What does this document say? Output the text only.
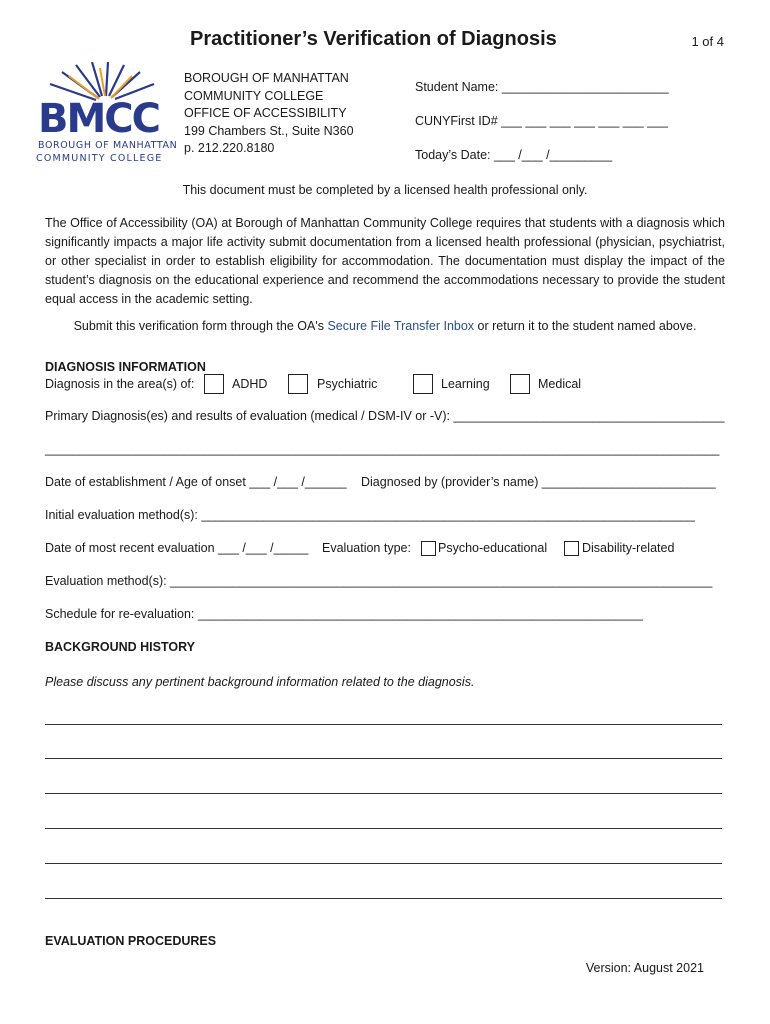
Practitioner’s Verification of Diagnosis	1 of 4
BMCC
BOROUGH OF MANHATTAN
COMMUNITY COLLEGE
BOROUGH OF MANHATTAN
COMMUNITY COLLEGE
OFFICE OF ACCESSIBILITY
199 Chambers St., Suite N360
p. 212.220.8180
Student Name: ________________________
CUNYFirst ID# ___ ___ ___ ___ ___ ___ ___
Today’s Date: ___ /___ /_________
This document must be completed by a licensed health professional only.
The Office of Accessibility (OA) at Borough of Manhattan Community College requires that students with a diagnosis which significantly impacts a major life activity submit documentation from a licensed health professional (physician, psychiatrist, or other specialist in order to establish eligibility for accommodation. The documentation must display the impact of the student’s diagnosis on the educational experience and recommend the accommodations necessary to provide the student equal access in the academic setting.
Submit this verification form through the OA's Secure File Transfer Inbox or return it to the student named above.
DIAGNOSIS INFORMATION
Diagnosis in the area(s) of:	ADHD	Psychiatric	Learning	Medical
Primary Diagnosis(es) and results of evaluation (medical / DSM-IV or -V): _______________________________________
_________________________________________________________________________________________________
Date of establishment / Age of onset ___ /___ /______ Diagnosed by (provider’s name) _________________________
Initial evaluation method(s): _______________________________________________________________________
Date of most recent evaluation ___ /___ /_____ Evaluation type: Psycho-educational	Disability-related
Evaluation method(s): ______________________________________________________________________________
Schedule for re-evaluation: ________________________________________________________________
BACKGROUND HISTORY
Please discuss any pertinent background information related to the diagnosis.
EVALUATION PROCEDURES
Version: August 2021
